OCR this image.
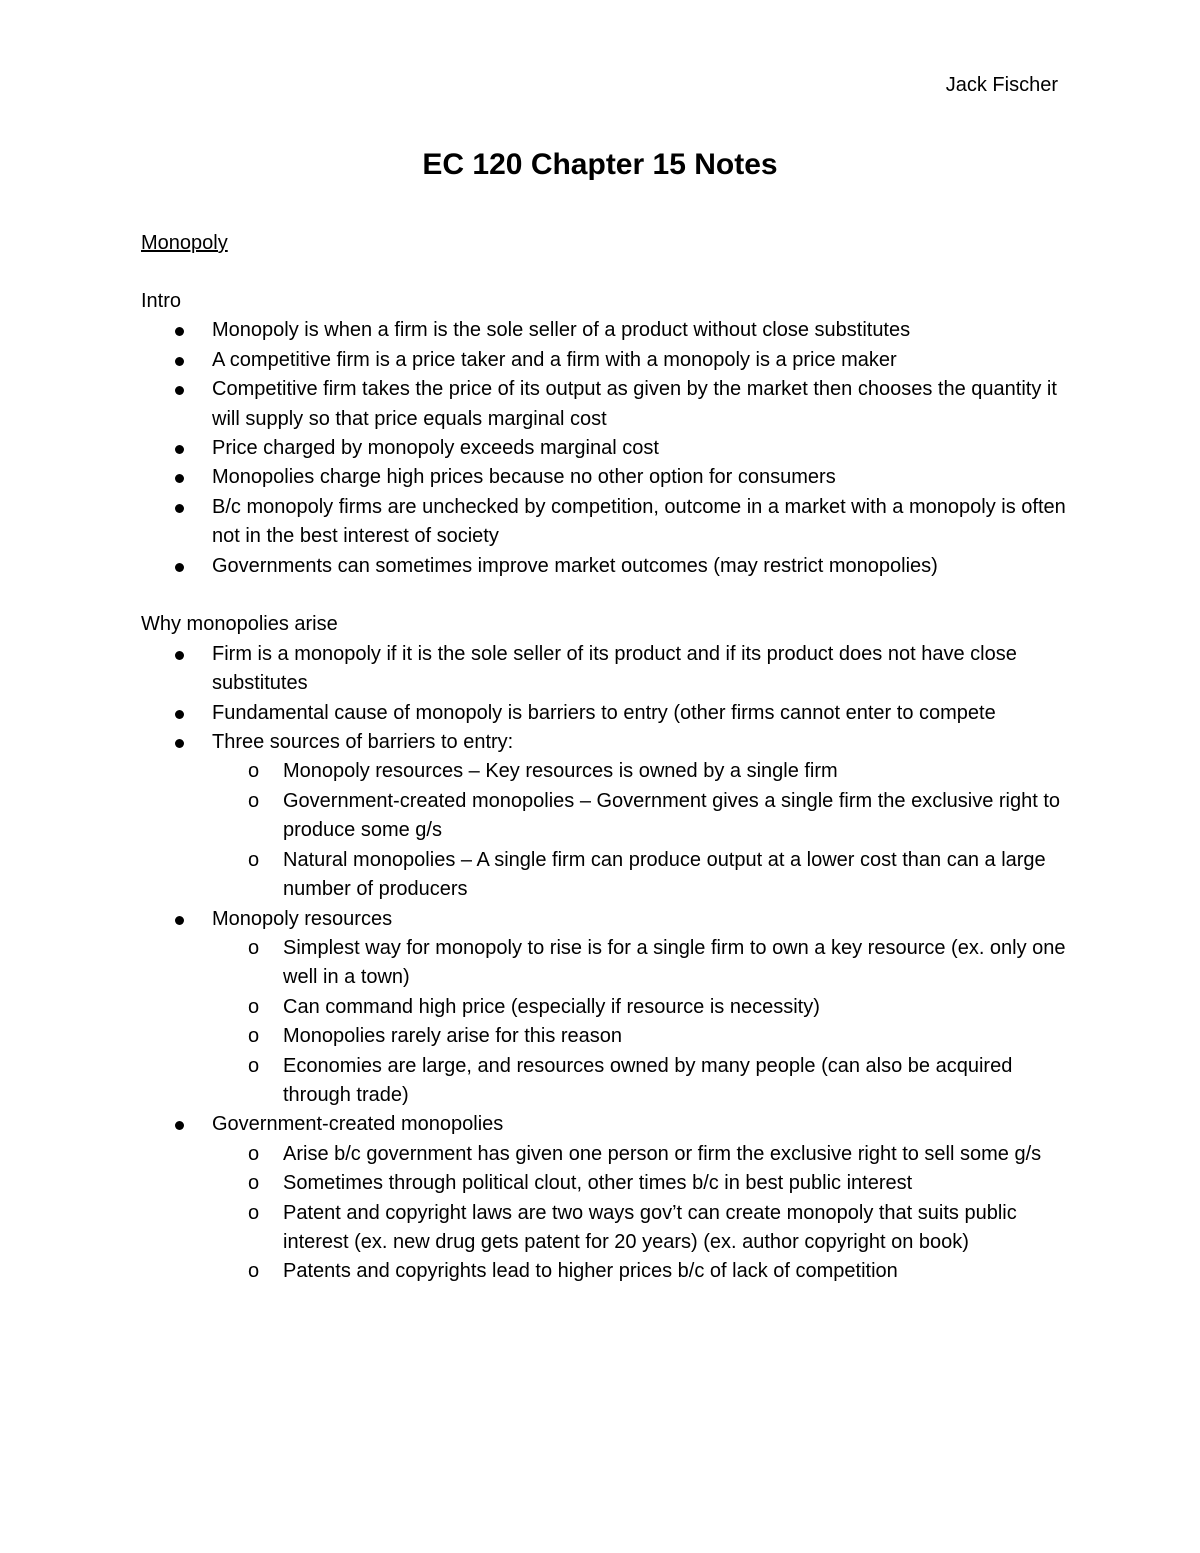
Jack Fischer
EC 120 Chapter 15 Notes
Monopoly
Intro
Monopoly is when a firm is the sole seller of a product without close substitutes
A competitive firm is a price taker and a firm with a monopoly is a price maker
Competitive firm takes the price of its output as given by the market then chooses the quantity it will supply so that price equals marginal cost
Price charged by monopoly exceeds marginal cost
Monopolies charge high prices because no other option for consumers
B/c monopoly firms are unchecked by competition, outcome in a market with a monopoly is often not in the best interest of society
Governments can sometimes improve market outcomes (may restrict monopolies)
Why monopolies arise
Firm is a monopoly if it is the sole seller of its product and if its product does not have close substitutes
Fundamental cause of monopoly is barriers to entry (other firms cannot enter to compete
Three sources of barriers to entry:
o Monopoly resources – Key resources is owned by a single firm
o Government-created monopolies – Government gives a single firm the exclusive right to produce some g/s
o Natural monopolies – A single firm can produce output at a lower cost than can a large number of producers
Monopoly resources
o Simplest way for monopoly to rise is for a single firm to own a key resource (ex. only one well in a town)
o Can command high price (especially if resource is necessity)
o Monopolies rarely arise for this reason
o Economies are large, and resources owned by many people (can also be acquired through trade)
Government-created monopolies
o Arise b/c government has given one person or firm the exclusive right to sell some g/s
o Sometimes through political clout, other times b/c in best public interest
o Patent and copyright laws are two ways gov’t can create monopoly that suits public interest (ex. new drug gets patent for 20 years) (ex. author copyright on book)
o Patents and copyrights lead to higher prices b/c of lack of competition
